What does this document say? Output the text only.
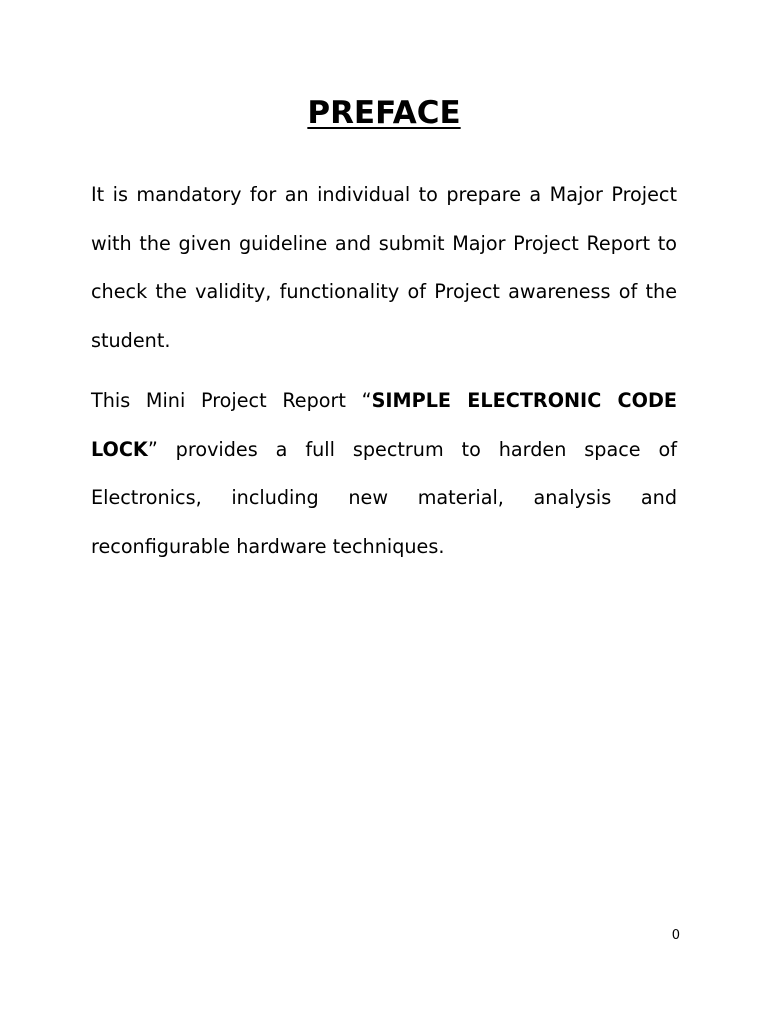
PREFACE

It is mandatory for an individual to prepare a Major Project with the given guideline and submit Major Project Report to check the validity, functionality of Project awareness of the student.

This Mini Project Report “SIMPLE ELECTRONIC CODE LOCK” provides a full spectrum to harden space of Electronics, including new material, analysis and reconfigurable hardware techniques.

0
